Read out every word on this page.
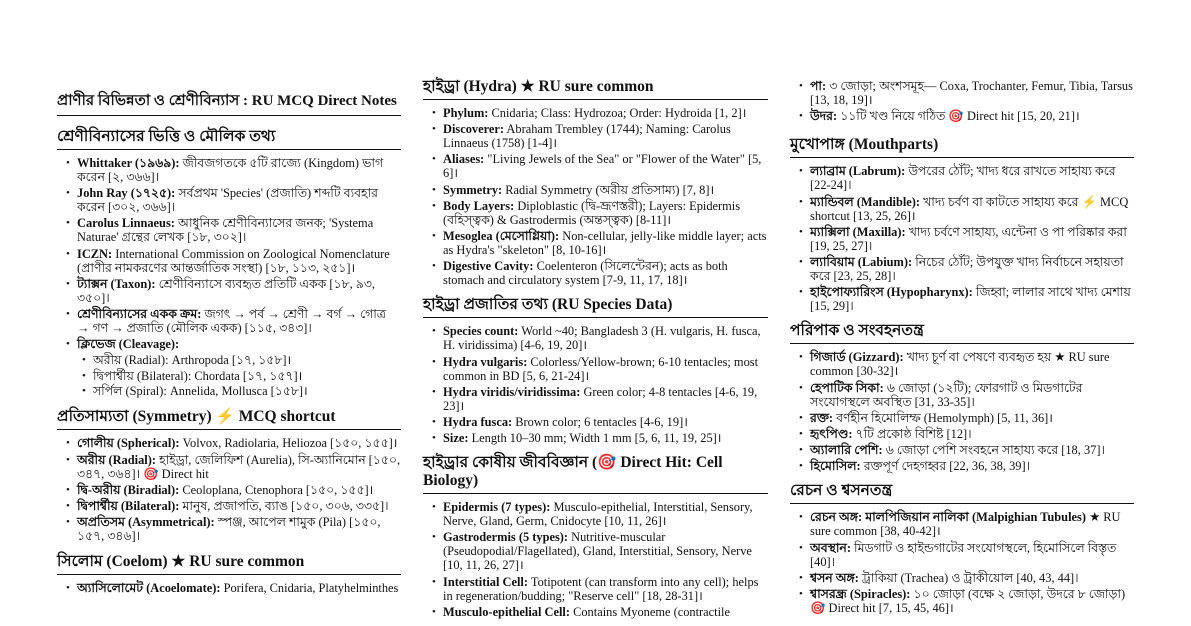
প্রাণীর বিভিন্নতা ও শ্রেণীবিন্যাস : RU MCQ Direct Notes
শ্রেণীবিন্যাসের ভিত্তি ও মৌলিক তথ্য
• Whittaker (১৯৬৯): জীবজগতকে ৫টি রাজ্যে (Kingdom) ভাগ করেন [২, ৩৬৬]।
• John Ray (১৭২৫): সর্বপ্রথম 'Species' (প্রজাতি) শব্দটি ব্যবহার করেন [৩০২, ৩৬৬]।
• Carolus Linnaeus: আধুনিক শ্রেণীবিন্যাসের জনক; 'Systema Naturae' গ্রন্থের লেখক [১৮, ৩০২]।
• ICZN: International Commission on Zoological Nomenclature (প্রাণীর নামকরণের আন্তর্জাতিক সংস্থা) [১৮, ১১৩, ২৫১]।
• ট্যাক্সন (Taxon): শ্রেণীবিন্যাসে ব্যবহৃত প্রতিটি একক [১৮, ৯৩, ৩৫০]।
• শ্রেণীবিন্যাসের একক ক্রম: জগৎ → পর্ব → শ্রেণী → বর্গ → গোত্র → গণ → প্রজাতি (মৌলিক একক) [১১৫, ৩৪৩]।
• ক্লিভেজ (Cleavage):
• অরীয় (Radial): Arthropoda [১৭, ১৫৮]।
• দ্বিপার্শ্বীয় (Bilateral): Chordata [১৭, ১৫৭]।
• সর্পিল (Spiral): Annelida, Mollusca [১৫৮]।
প্রতিসাম্যতা (Symmetry) ⚡ MCQ shortcut
• গোলীয় (Spherical): Volvox, Radiolaria, Heliozoa [১৫০, ১৫৫]।
• অরীয় (Radial): হাইড্রা, জেলিফিশ (Aurelia), সি-অ্যানিমোন [১৫০, ৩৪৭, ৩৬৪]। 🎯 Direct hit
• দ্বি-অরীয় (Biradial): Ceoloplana, Ctenophora [১৫০, ১৫৫]।
• দ্বিপার্শ্বীয় (Bilateral): মানুষ, প্রজাপতি, ব্যাঙ [১৫০, ৩০৬, ৩৩৫]।
• অপ্রতিসম (Asymmetrical): স্পঞ্জ, আপেল শামুক (Pila) [১৫০, ১৫৭, ৩৪৬]।
সিলোম (Coelom) ★ RU sure common
• অ্যাসিলোমেট (Acoelomate): Porifera, Cnidaria, Platyhelminthes
হাইড্রা (Hydra) ★ RU sure common
• Phylum: Cnidaria; Class: Hydrozoa; Order: Hydroida [1, 2]।
• Discoverer: Abraham Trembley (1744); Naming: Carolus Linnaeus (1758) [1-4]।
• Aliases: "Living Jewels of the Sea" or "Flower of the Water" [5, 6]।
• Symmetry: Radial Symmetry (অরীয় প্রতিসাম্য) [7, 8]।
• Body Layers: Diploblastic (দ্বি-ভ্রূণস্তরী); Layers: Epidermis (বহিস্ত্বক) & Gastrodermis (অন্তস্ত্বক) [8-11]।
• Mesoglea (মেসোগ্লিয়া): Non-cellular, jelly-like middle layer; acts as Hydra's "skeleton" [8, 10-16]।
• Digestive Cavity: Coelenteron (সিলেন্টেরন); acts as both stomach and circulatory system [7-9, 11, 17, 18]।
হাইড্রা প্রজাতির তথ্য (RU Species Data)
• Species count: World ~40; Bangladesh 3 (H. vulgaris, H. fusca, H. viridissima) [4-6, 19, 20]।
• Hydra vulgaris: Colorless/Yellow-brown; 6-10 tentacles; most common in BD [5, 6, 21-24]।
• Hydra viridis/viridissima: Green color; 4-8 tentacles [4-6, 19, 23]।
• Hydra fusca: Brown color; 6 tentacles [4-6, 19]।
• Size: Length 10–30 mm; Width 1 mm [5, 6, 11, 19, 25]।
হাইড্রার কোষীয় জীববিজ্ঞান (🎯 Direct Hit: Cell Biology)
• Epidermis (7 types): Musculo-epithelial, Interstitial, Sensory, Nerve, Gland, Germ, Cnidocyte [10, 11, 26]।
• Gastrodermis (5 types): Nutritive-muscular (Pseudopodial/Flagellated), Gland, Interstitial, Sensory, Nerve [10, 11, 26, 27]।
• Interstitial Cell: Totipotent (can transform into any cell); helps in regeneration/budding; "Reserve cell" [18, 28-31]।
• Musculo-epithelial Cell: Contains Myoneme (contractile
• পা: ৩ জোড়া; অংশসমূহ— Coxa, Trochanter, Femur, Tibia, Tarsus [13, 18, 19]।
• উদর: ১১টি খণ্ড নিয়ে গঠিত 🎯 Direct hit [15, 20, 21]।
মুখোপাঙ্গ (Mouthparts)
• ল্যাব্রাম (Labrum): উপরের ঠোঁট; খাদ্য ধরে রাখতে সাহায্য করে [22-24]।
• ম্যান্ডিবল (Mandible): খাদ্য চর্বণ বা কাটতে সাহায্য করে ⚡ MCQ shortcut [13, 25, 26]।
• ম্যাক্সিলা (Maxilla): খাদ্য চর্বণে সাহায্য, এন্টেনা ও পা পরিষ্কার করা [19, 25, 27]।
• ল্যাবিয়াম (Labium): নিচের ঠোঁট; উপযুক্ত খাদ্য নির্বাচনে সহায়তা করে [23, 25, 28]।
• হাইপোফ্যারিংস (Hypopharynx): জিহ্বা; লালার সাথে খাদ্য মেশায় [15, 29]।
পরিপাক ও সংবহনতন্ত্র
• গিজার্ড (Gizzard): খাদ্য চূর্ণ বা পেষণে ব্যবহৃত হয় ★ RU sure common [30-32]।
• হেপাটিক সিকা: ৬ জোড়া (১২টি); ফোরগাট ও মিডগাটের সংযোগস্থলে অবস্থিত [31, 33-35]।
• রক্ত: বর্ণহীন হিমোলিম্ফ (Hemolymph) [5, 11, 36]।
• হৃৎপিণ্ড: ৭টি প্রকোষ্ঠ বিশিষ্ট [12]।
• অ্যালারি পেশি: ৬ জোড়া পেশি সংবহনে সাহায্য করে [18, 37]।
• হিমোসিল: রক্তপূর্ণ দেহগহ্বর [22, 36, 38, 39]।
রেচন ও শ্বসনতন্ত্র
• রেচন অঙ্গ: মালপিজিয়ান নালিকা (Malpighian Tubules) ★ RU sure common [38, 40-42]।
• অবস্থান: মিডগাট ও হাইন্ডগাটের সংযোগস্থলে, হিমোসিলে বিস্তৃত [40]।
• শ্বসন অঙ্গ: ট্রাকিয়া (Trachea) ও ট্রাকীয়োল [40, 43, 44]।
• শ্বাসরন্ধ্র (Spiracles): ১০ জোড়া (বক্ষে ২ জোড়া, উদরে ৮ জোড়া) 🎯 Direct hit [7, 15, 45, 46]।
